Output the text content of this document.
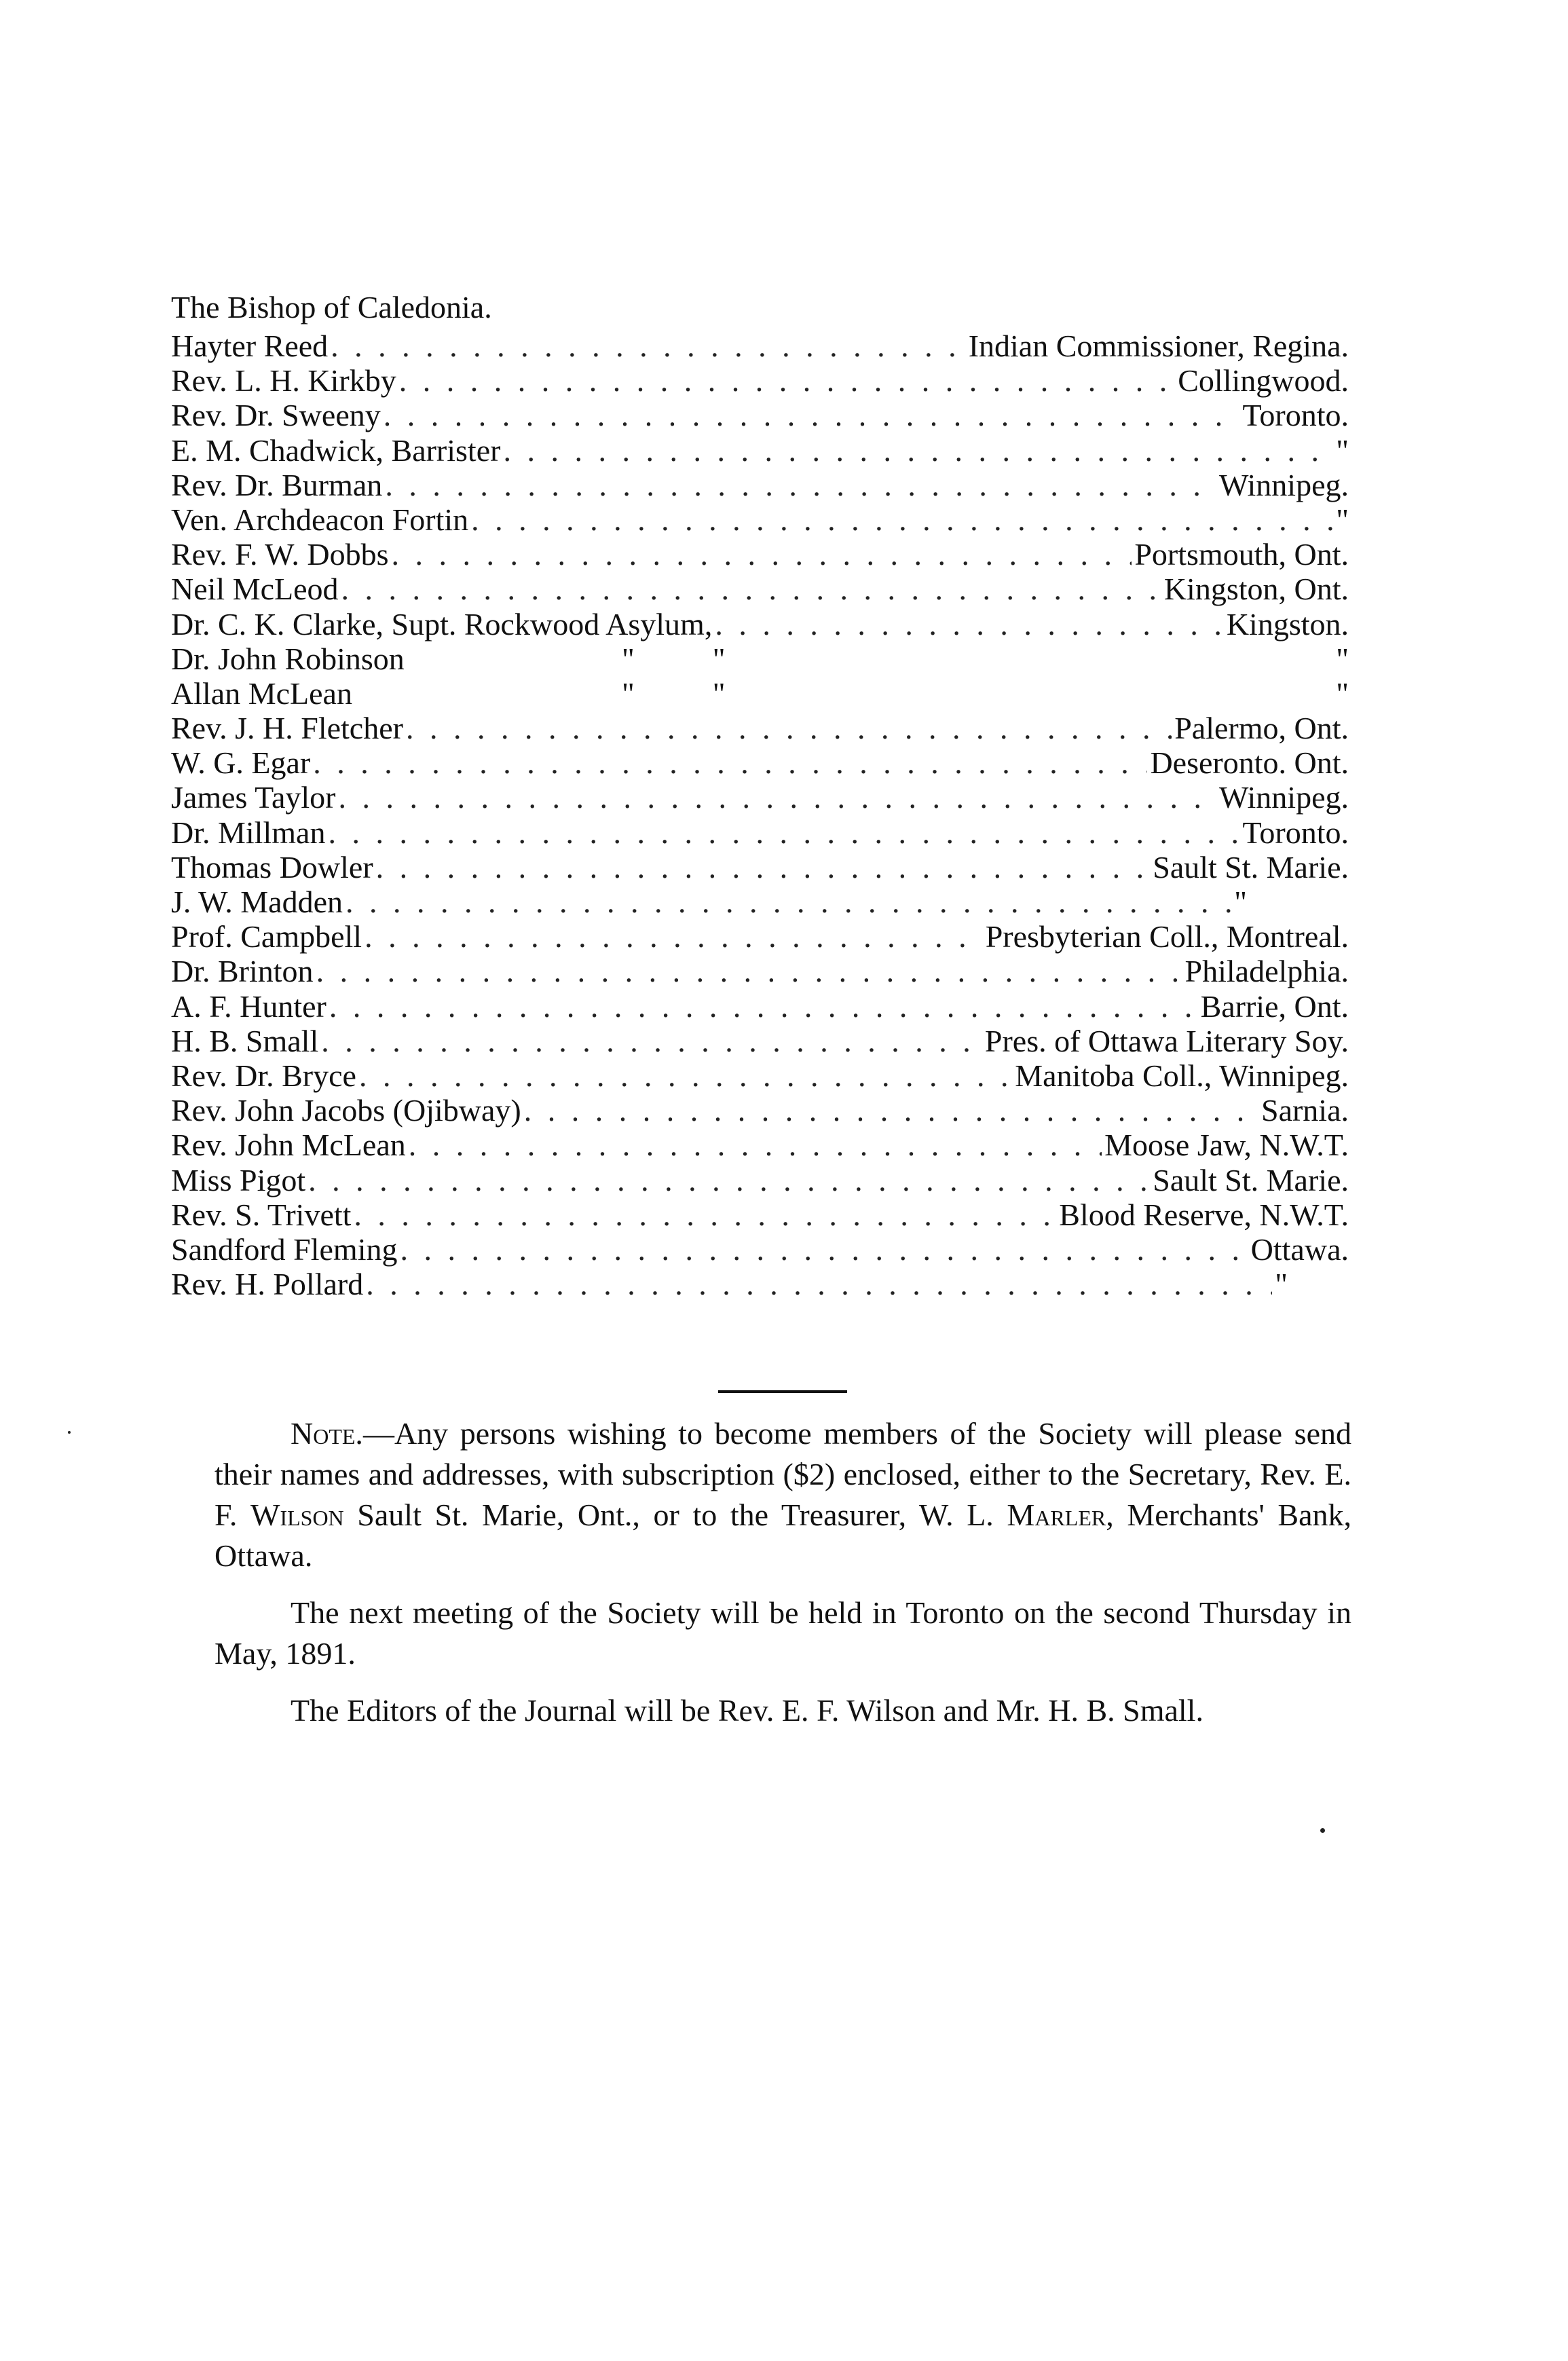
The Bishop of Caledonia.
Hayter Reed . . .	Indian Commissioner, Regina.
Rev. L. H. Kirkby . . .	Collingwood.
Rev. Dr. Sweeny . . .	Toronto.
E. M. Chadwick, Barrister . . .	"
Rev. Dr. Burman . . .	Winnipeg.
Ven. Archdeacon Fortin . . .	"
Rev. F. W. Dobbs . . .	Portsmouth, Ont.
Neil McLeod . . .	Kingston, Ont.
Dr. C. K. Clarke, Supt. Rockwood Asylum, . . .	Kingston.
Dr. John Robinson	"          "	"
Allan McLean	"          "	"
Rev. J. H. Fletcher . . .	Palermo, Ont.
W. G. Egar . . .	Deseronto. Ont.
James Taylor . . .	Winnipeg.
Dr. Millman . . .	Toronto.
Thomas Dowler . . .	Sault St. Marie.
J. W. Madden . . .	"
Prof. Campbell . . .	Presbyterian Coll., Montreal.
Dr. Brinton . . .	Philadelphia.
A. F. Hunter . . .	Barrie, Ont.
H. B. Small . . .	Pres. of Ottawa Literary Soy.
Rev. Dr. Bryce . . .	Manitoba Coll., Winnipeg.
Rev. John Jacobs (Ojibway) . . .	Sarnia.
Rev. John McLean . . .	Moose Jaw, N.W.T.
Miss Pigot . . .	Sault St. Marie.
Rev. S. Trivett . . .	Blood Reserve, N.W.T.
Sandford Fleming . . .	Ottawa.
Rev. H. Pollard . . .	"

Note.—Any persons wishing to become members of the Society will please send their names and addresses, with subscription ($2) enclosed, either to the Secretary, Rev. E. F. Wilson Sault St. Marie, Ont., or to the Treasurer, W. L. Marler, Merchants' Bank, Ottawa.

The next meeting of the Society will be held in Toronto on the second Thursday in May, 1891.

The Editors of the Journal will be Rev. E. F. Wilson and Mr. H. B. Small.
